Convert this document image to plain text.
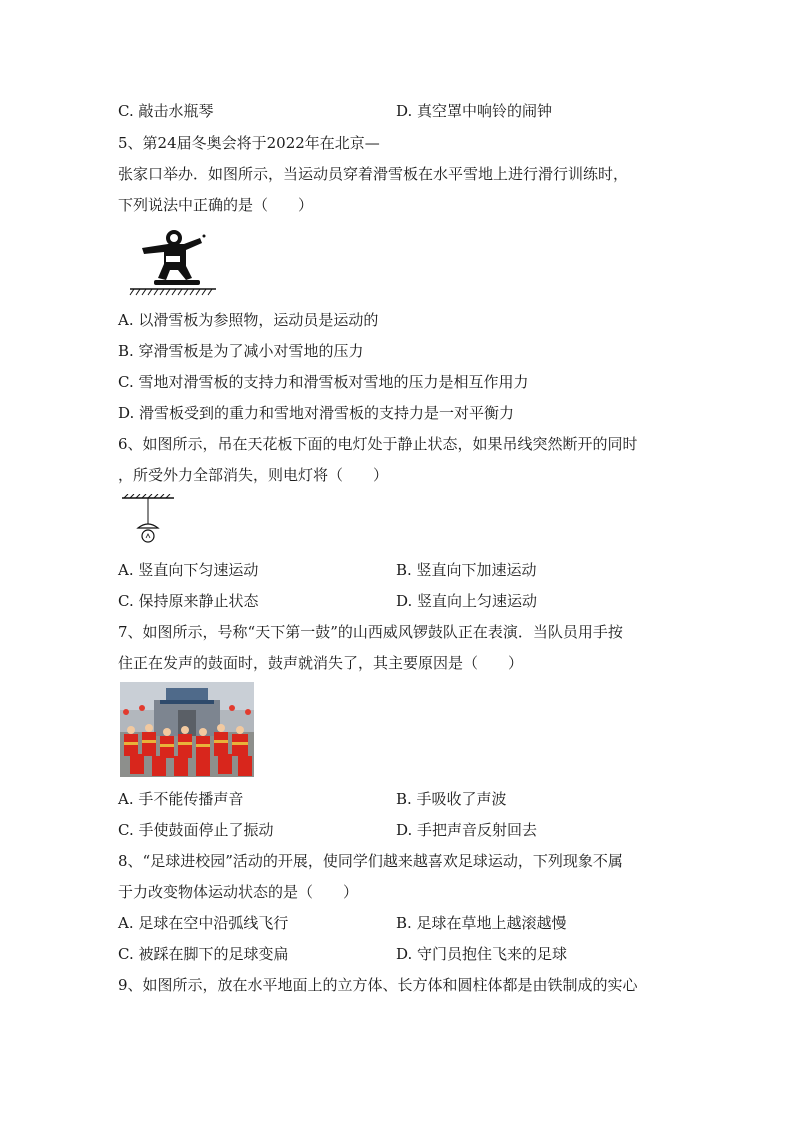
C. 敲击水瓶琴	D. 真空罩中响铃的闹钟
5、第24届冬奥会将于2022年在北京—
张家口举办．如图所示，当运动员穿着滑雪板在水平雪地上进行滑行训练时，
下列说法中正确的是（　　）
A. 以滑雪板为参照物，运动员是运动的
B. 穿滑雪板是为了减小对雪地的压力
C. 雪地对滑雪板的支持力和滑雪板对雪地的压力是相互作用力
D. 滑雪板受到的重力和雪地对滑雪板的支持力是一对平衡力
6、如图所示，吊在天花板下面的电灯处于静止状态，如果吊线突然断开的同时
，所受外力全部消失，则电灯将（　　）
A. 竖直向下匀速运动	B. 竖直向下加速运动
C. 保持原来静止状态	D. 竖直向上匀速运动
7、如图所示，号称“天下第一鼓”的山西威风锣鼓队正在表演．当队员用手按
住正在发声的鼓面时，鼓声就消失了，其主要原因是（　　）
A. 手不能传播声音	B. 手吸收了声波
C. 手使鼓面停止了振动	D. 手把声音反射回去
8、“足球进校园”活动的开展，使同学们越来越喜欢足球运动，下列现象不属
于力改变物体运动状态的是（　　）
A. 足球在空中沿弧线飞行	B. 足球在草地上越滚越慢
C. 被踩在脚下的足球变扁	D. 守门员抱住飞来的足球
9、如图所示，放在水平地面上的立方体、长方体和圆柱体都是由铁制成的实心
